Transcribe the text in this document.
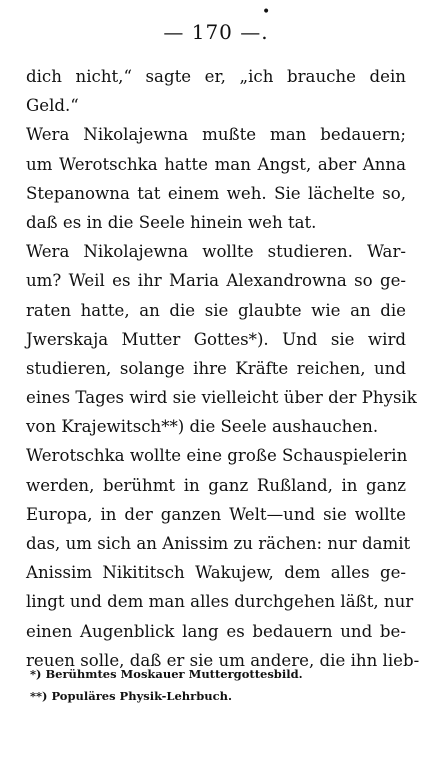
•
— 170 —.
dich nicht,“ sagte er, „ich brauche dein
Geld.“
Wera Nikolajewna mußte man bedauern;
um Werotschka hatte man Angst, aber Anna
Stepanowna tat einem weh. Sie lächelte so,
daß es in die Seele hinein weh tat.
Wera Nikolajewna wollte studieren. War-
um? Weil es ihr Maria Alexandrowna so ge-
raten hatte, an die sie glaubte wie an die
Jwerskaja Mutter Gottes*). Und sie wird
studieren, solange ihre Kräfte reichen, und
eines Tages wird sie vielleicht über der Physik
von Krajewitsch**) die Seele aushauchen.
Werotschka wollte eine große Schauspielerin
werden, berühmt in ganz Rußland, in ganz
Europa, in der ganzen Welt—und sie wollte
das, um sich an Anissim zu rächen: nur damit
Anissim Nikititsch Wakujew, dem alles ge-
lingt und dem man alles durchgehen läßt, nur
einen Augenblick lang es bedauern und be-
reuen solle, daß er sie um andere, die ihn lieb-
*) Berühmtes Moskauer Muttergottesbild.
**) Populäres Physik-Lehrbuch.
